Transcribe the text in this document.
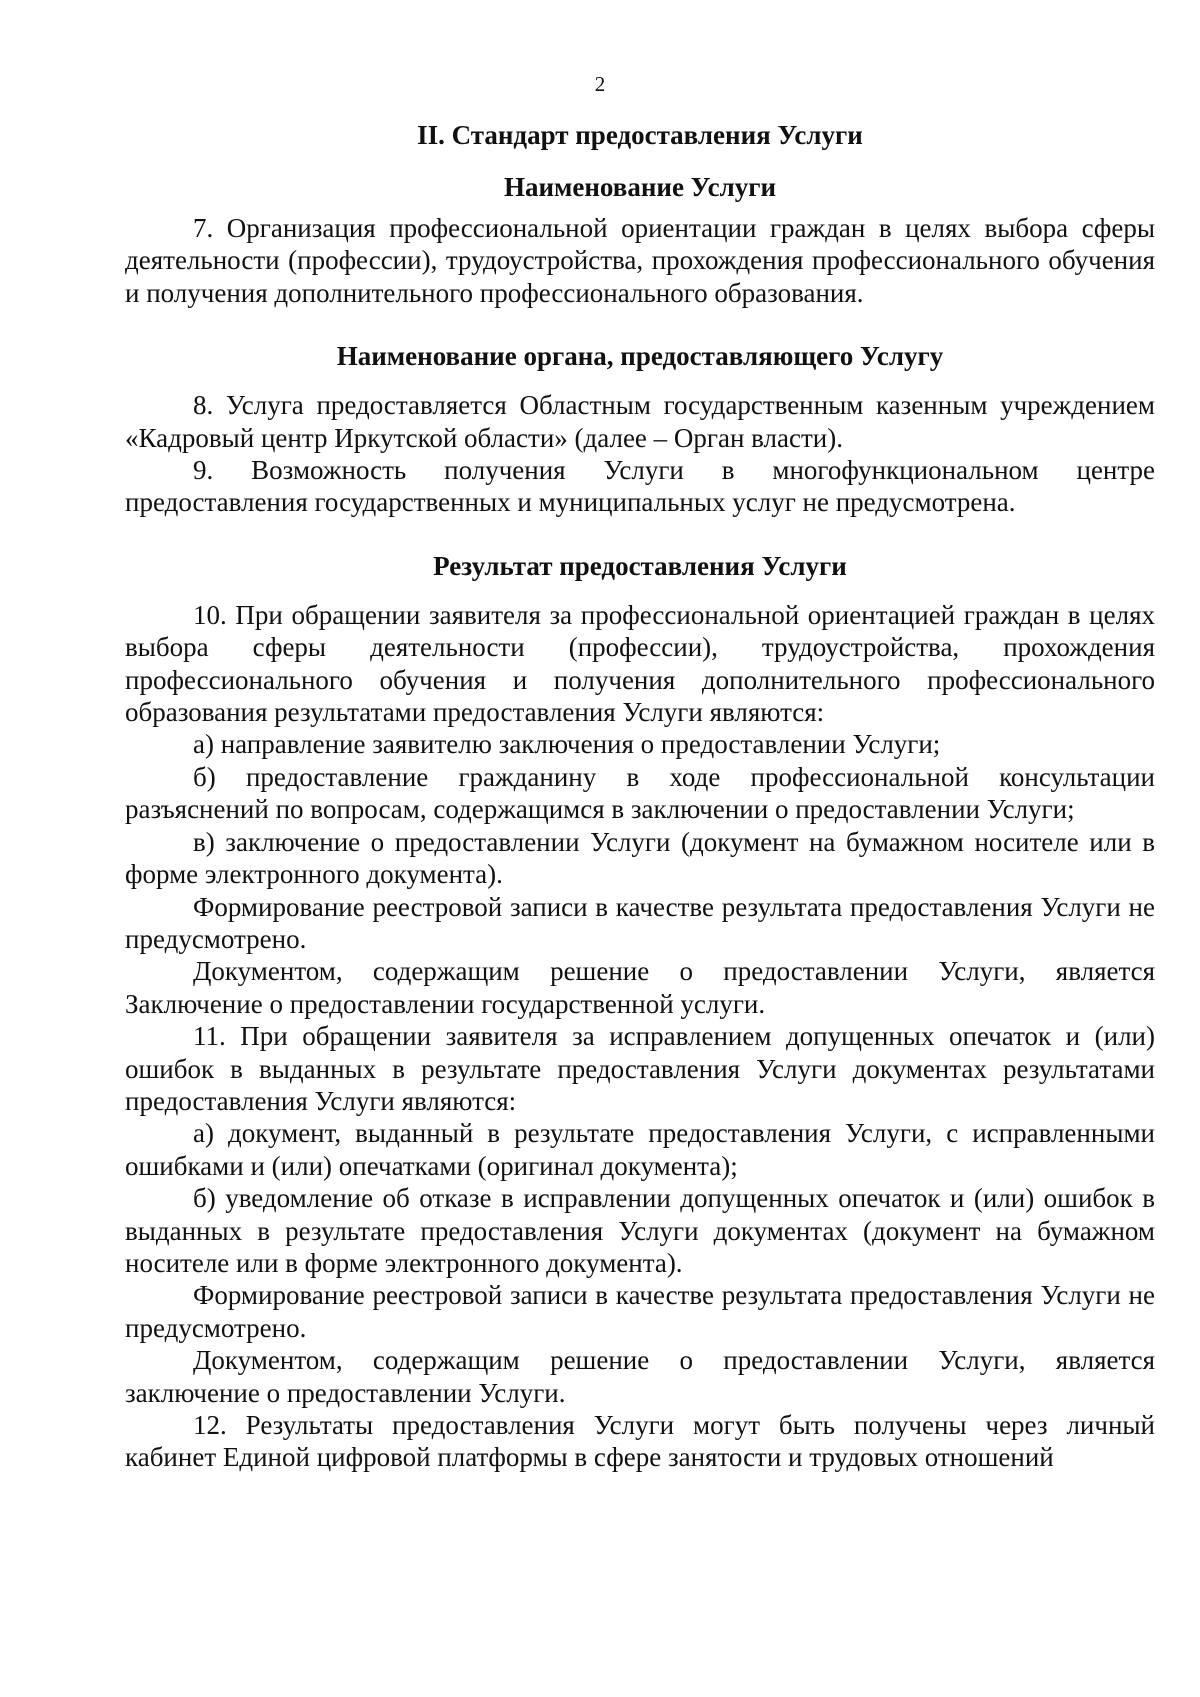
2
II. Стандарт предоставления Услуги
Наименование Услуги

7. Организация профессиональной ориентации граждан в целях выбора сферы деятельности (профессии), трудоустройства, прохождения профессионального обучения и получения дополнительного профессионального образования.

Наименование органа, предоставляющего Услугу

8. Услуга предоставляется Областным государственным казенным учреждением «Кадровый центр Иркутской области» (далее – Орган власти).

9. Возможность получения Услуги в многофункциональном центре предоставления государственных и муниципальных услуг не предусмотрена.

Результат предоставления Услуги

10. При обращении заявителя за профессиональной ориентацией граждан в целях выбора сферы деятельности (профессии), трудоустройства, прохождения профессионального обучения и получения дополнительного профессионального образования результатами предоставления Услуги являются:

а) направление заявителю заключения о предоставлении Услуги;

б) предоставление гражданину в ходе профессиональной консультации разъяснений по вопросам, содержащимся в заключении о предоставлении Услуги;

в) заключение о предоставлении Услуги (документ на бумажном носителе или в форме электронного документа).

Формирование реестровой записи в качестве результата предоставления Услуги не предусмотрено.

Документом, содержащим решение о предоставлении Услуги, является Заключение о предоставлении государственной услуги.

11. При обращении заявителя за исправлением допущенных опечаток и (или) ошибок в выданных в результате предоставления Услуги документах результатами предоставления Услуги являются:

а) документ, выданный в результате предоставления Услуги, с исправленными ошибками и (или) опечатками (оригинал документа);

б) уведомление об отказе в исправлении допущенных опечаток и (или) ошибок в выданных в результате предоставления Услуги документах (документ на бумажном носителе или в форме электронного документа).

Формирование реестровой записи в качестве результата предоставления Услуги не предусмотрено.

Документом, содержащим решение о предоставлении Услуги, является заключение о предоставлении Услуги.

12. Результаты предоставления Услуги могут быть получены через личный кабинет Единой цифровой платформы в сфере занятости и трудовых отношений
